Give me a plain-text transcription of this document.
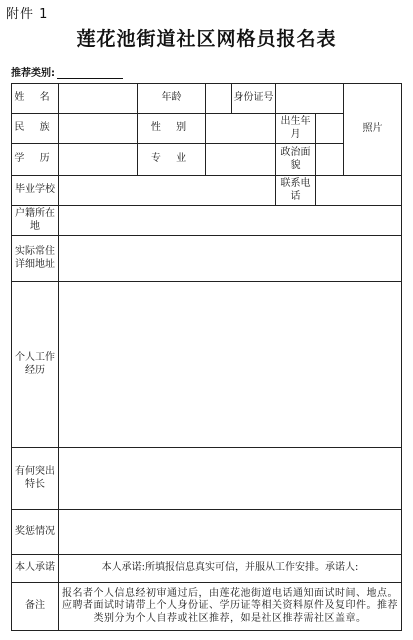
附件 1
莲花池街道社区网格员报名表
推荐类别:
姓 名		年龄		身份证号			照片
民 族		性 别			出生年月		
学 历		专 业			政治面貌		
毕业学校					联系电话		
户籍所在地							
实际常住详细地址							
个人工作经历							
有何突出特长							
奖惩情况							
本人承诺	本人承诺:所填报信息真实可信，并服从工作安排。承诺人:						
备注	报名者个人信息经初审通过后，由莲花池街道电话通知面试时间、地点。应聘者面试时请带上个人身份证、学历证等相关资料原件及复印件。推荐类别分为个人自荐或社区推荐，如是社区推荐需社区盖章。						
